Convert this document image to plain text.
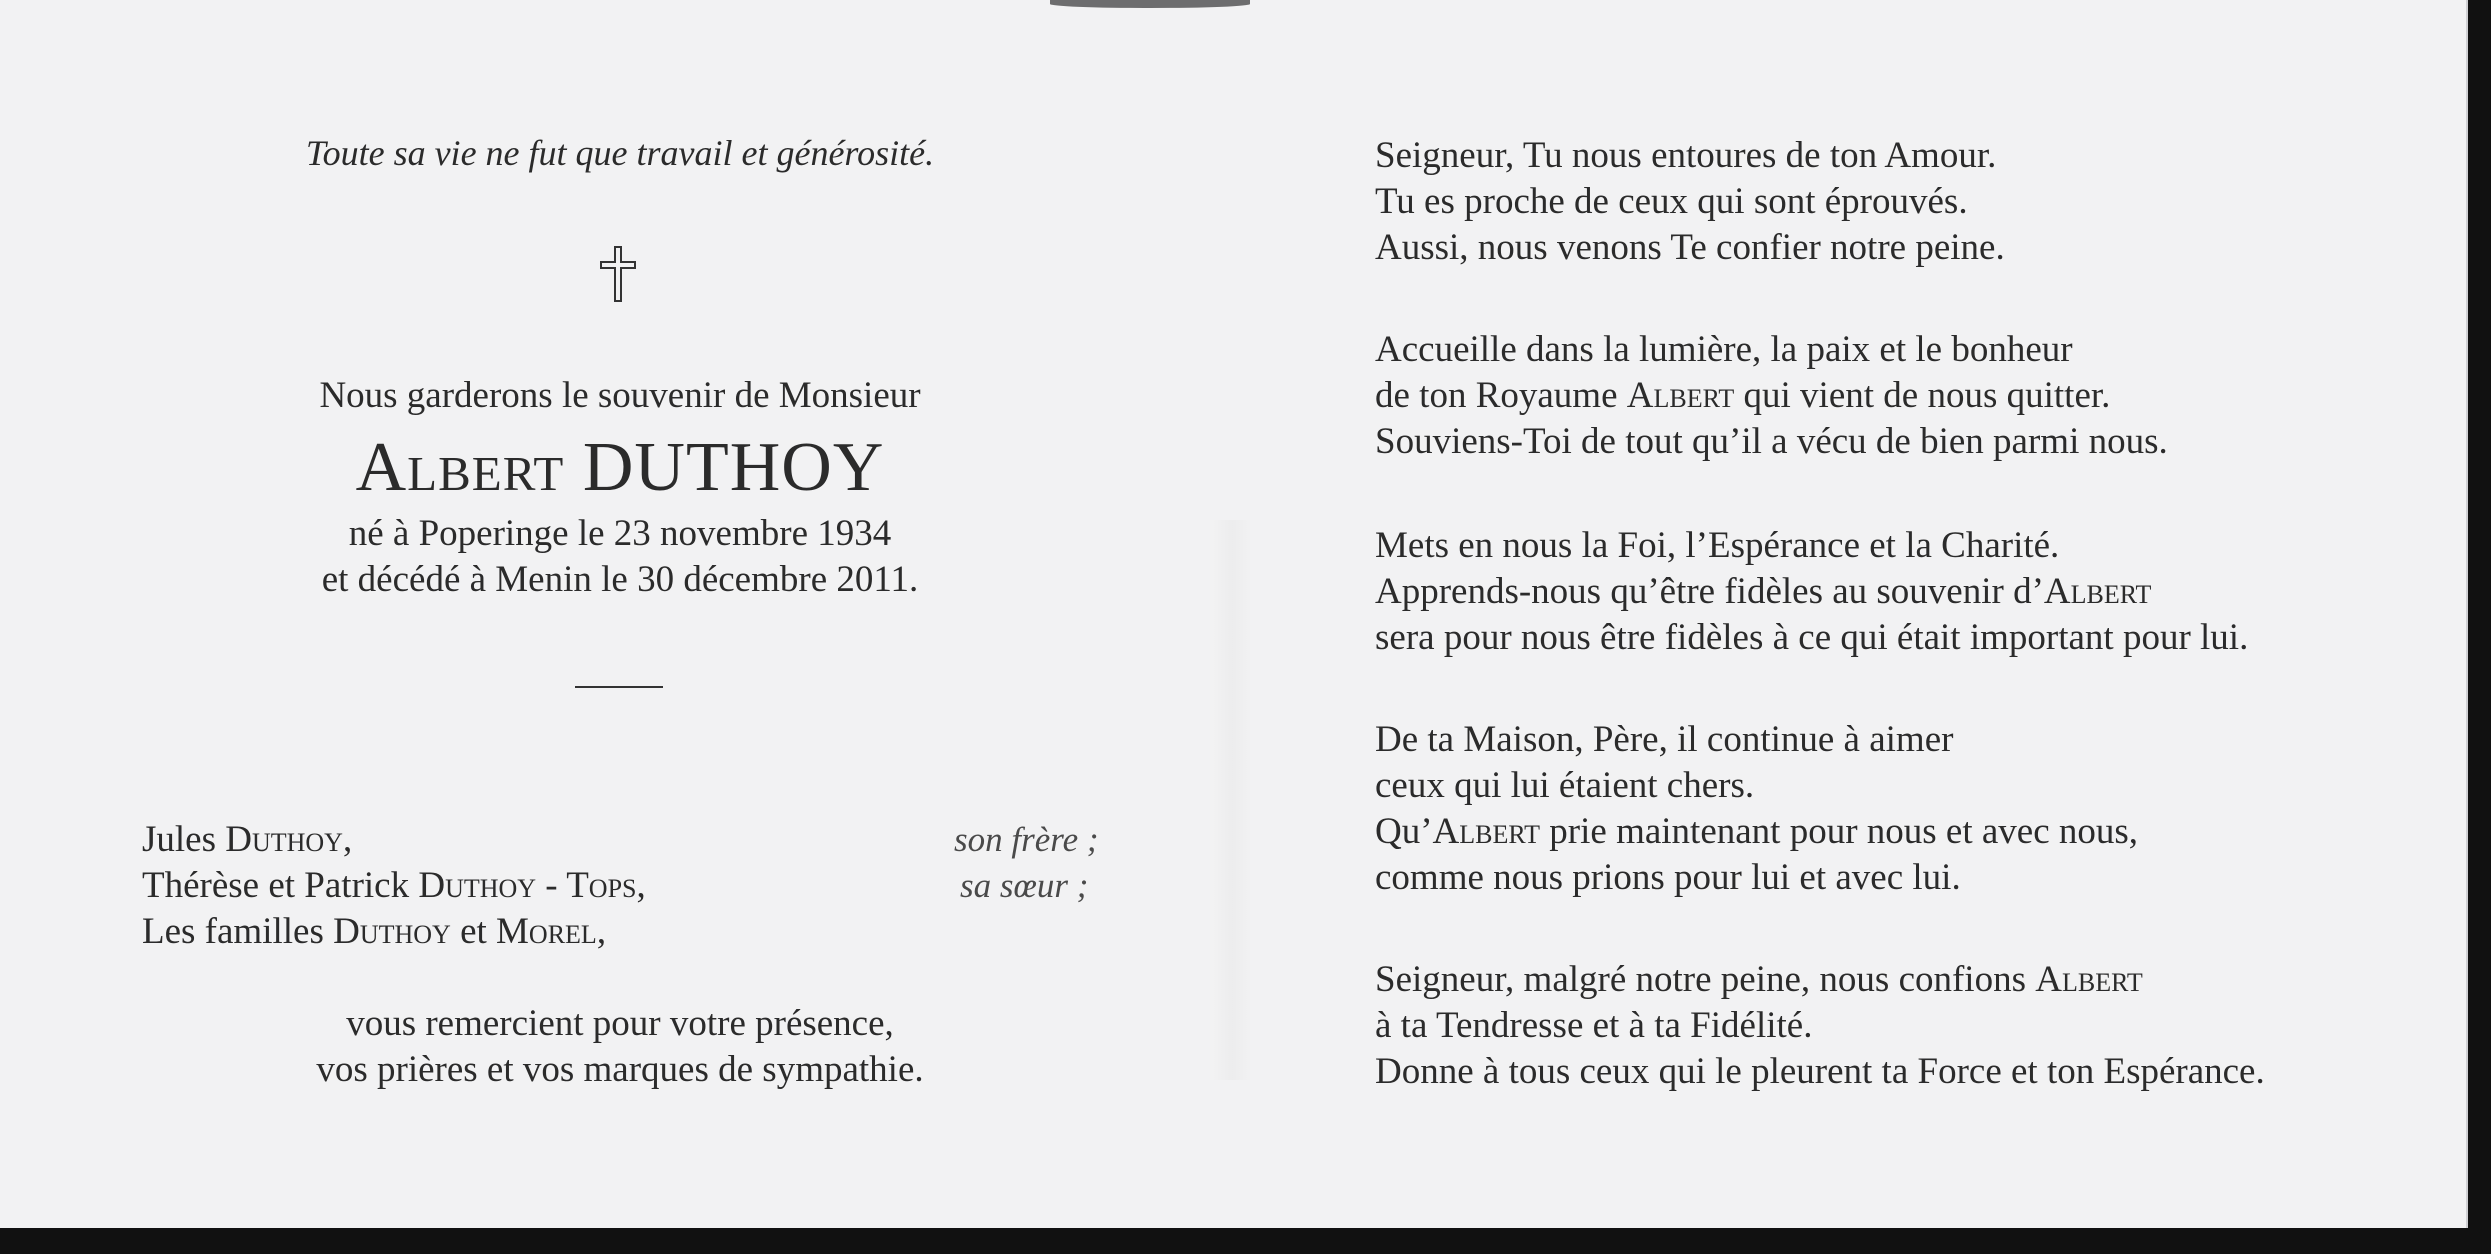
Toute sa vie ne fut que travail et générosité.
Nous garderons le souvenir de Monsieur
Albert DUTHOY
né à Poperinge le 23 novembre 1934
et décédé à Menin le 30 décembre 2011.
Jules Duthoy,
Thérèse et Patrick Duthoy - Tops,
Les familles Duthoy et Morel,
son frère ;
sa sœur ;
vous remercient pour votre présence,
vos prières et vos marques de sympathie.
Seigneur, Tu nous entoures de ton Amour.
Tu es proche de ceux qui sont éprouvés.
Aussi, nous venons Te confier notre peine.
Accueille dans la lumière, la paix et le bonheur
de ton Royaume Albert qui vient de nous quitter.
Souviens-Toi de tout qu’il a vécu de bien parmi nous.
Mets en nous la Foi, l’Espérance et la Charité.
Apprends-nous qu’être fidèles au souvenir d’Albert
sera pour nous être fidèles à ce qui était important pour lui.
De ta Maison, Père, il continue à aimer
ceux qui lui étaient chers.
Qu’Albert prie maintenant pour nous et avec nous,
comme nous prions pour lui et avec lui.
Seigneur, malgré notre peine, nous confions Albert
à ta Tendresse et à ta Fidélité.
Donne à tous ceux qui le pleurent ta Force et ton Espérance.
